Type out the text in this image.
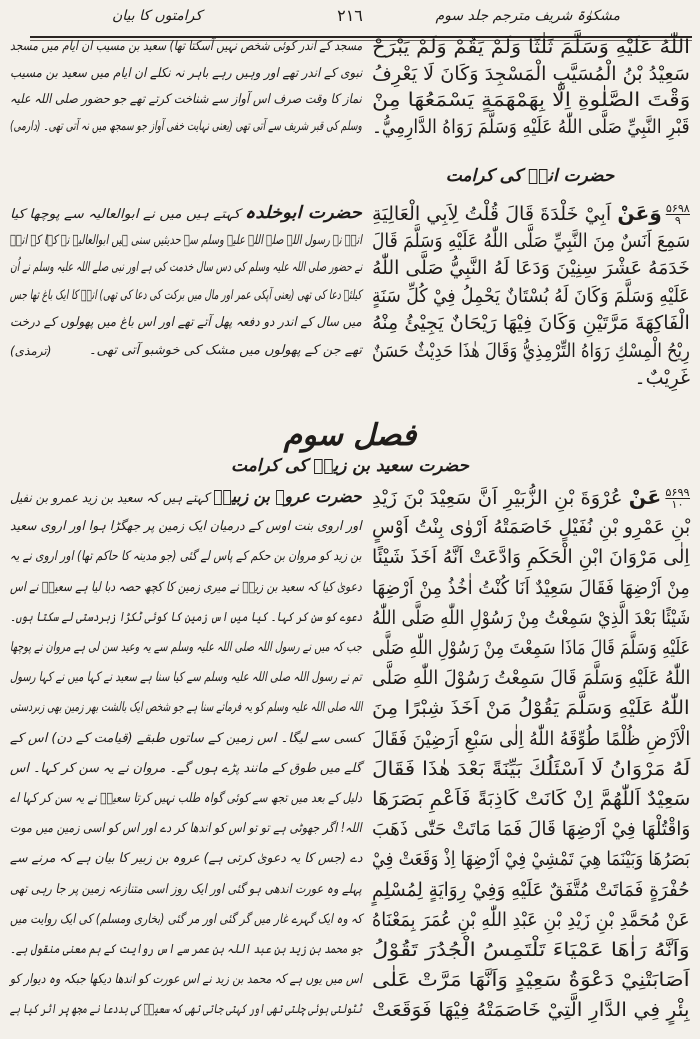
مشکوٰۃ شریف مترجم جلد سوم
٢١٦
کرامتوں کا بیان
اللّٰهُ عَلَيْهِ وَسَلَّمَ ثَلٰثًا وَلَمْ يَقُمْ وَلَمْ يَبْرَحْ
سَعِيْدُ بْنُ الْمُسَيَّبِ الْمَسْجِدَ وَكَانَ لَا يَعْرِفُ
وَقْتَ الصَّلٰوةِ اِلَّا بِهَمْهَمَةٍ يَسْمَعُهَا مِنْ
قَبْرِ النَّبِيِّ صَلَّى اللّٰهُ عَلَيْهِ وَسَلَّمَ رَوَاهُ الدَّارِمِيُّ۔
مسجد کے اندر کوئی شخص نہیں آسکتا تھا) سعید بن مسیب ان ایام میں مسجد
نبوی کے اندر تھے اور وہیں رہے باہر نہ نکلے ان ایام میں سعید بن مسیب
نماز کا وقت صرف اس آواز سے شناخت کرتے تھے جو حضور صلی اللہ علیہ
وسلم کی قبر شریف سے آتی تھی (یعنی نہایت خفی آواز جو سمجھ میں نہ آتی تھی۔ (دارمی)
۵۶۹۸
۹
وَعَنْ اَبِيْ خَلْدَةَ قَالَ قُلْتُ لِاَبِي الْعَالِيَةِ
سَمِعَ اَنَسٌ مِنَ النَّبِيِّ صَلَّى اللّٰهُ عَلَيْهِ وَسَلَّمَ قَالَ
خَدَمَهُ عَشْرَ سِنِيْنَ وَدَعَا لَهُ النَّبِيُّ صَلَّى اللّٰهُ
عَلَيْهِ وَسَلَّمَ وَكَانَ لَهُ بُسْتَانٌ يَحْمِلُ فِيْ كُلِّ سَنَةٍ
الْفَاكِهَةَ مَرَّتَيْنِ وَكَانَ فِيْهَا رَيْحَانٌ يَجِيْئُ مِنْهُ
رِيْحُ الْمِسْكِ رَوَاهُ التِّرْمِذِيُّ وَقَالَ هٰذَا حَدِيْثٌ حَسَنٌ
غَرِيْبٌ۔
حضرت ابوخلدہ کہتے ہیں میں نے ابوالعالیہ سے پوچھا کیا
انسؓ نے رسول اللہ صلے اللہ علیہ وسلم سے حدیثیں سنی ہیں ابوالعالیہ نے کہا کہ انسؓ
نے حضور صلی اللہ علیہ وسلم کی دس سال خدمت کی ہے اور نبی صلے اللہ علیہ وسلم نے اُن
کیلئے دعا کی تھی (یعنی آپکی عمر اور مال میں برکت کی دعا کی تھی) انسؓ کا ایک باغ تھا جس
میں سال کے اندر دو دفعہ پھل آتے تھے اور اس باغ میں پھولوں کے درخت
تھے جن کے پھولوں میں مشک کی خوشبو آتی تھی۔
(ترمذی)
۵۶۹۹
۱۰
عَنْ عُرْوَةَ بْنِ الزُّبَيْرِ اَنَّ سَعِيْدَ بْنَ زَيْدِ
بْنِ عَمْرِو بْنِ نُفَيْلٍ خَاصَمَتْهُ اَرْوٰى بِنْتُ اَوْسٍ
اِلٰى مَرْوَانَ ابْنِ الْحَكَمِ وَادَّعَتْ اَنَّهُ اَخَذَ شَيْئًا
مِنْ اَرْضِهَا فَقَالَ سَعِيْدٌ اَنَا كُنْتُ اٰخُذُ مِنْ اَرْضِهَا
شَيْئًا بَعْدَ الَّذِيْ سَمِعْتُ مِنْ رَسُوْلِ اللّٰهِ صَلَّى اللّٰهُ
عَلَيْهِ وَسَلَّمَ قَالَ مَاذَا سَمِعْتَ مِنْ رَسُوْلِ اللّٰهِ صَلَّى
اللّٰهُ عَلَيْهِ وَسَلَّمَ قَالَ سَمِعْتُ رَسُوْلَ اللّٰهِ صَلَّى
اللّٰهُ عَلَيْهِ وَسَلَّمَ يَقُوْلُ مَنْ اَخَذَ شِبْرًا مِنَ
الْاَرْضِ ظُلْمًا طُوِّقَهُ اللّٰهُ اِلٰى سَبْعِ اَرَضِيْنَ فَقَالَ
لَهُ مَرْوَانُ لَا اَسْئَلُكَ بَيِّنَةً بَعْدَ هٰذَا فَقَالَ
سَعِيْدٌ اَللّٰهُمَّ اِنْ كَانَتْ كَاذِبَةً فَاَعْمِ بَصَرَهَا
وَاقْتُلْهَا فِيْ اَرْضِهَا قَالَ فَمَا مَاتَتْ حَتّٰى ذَهَبَ
بَصَرُهَا وَبَيْنَمَا هِيَ تَمْشِيْ فِيْ اَرْضِهَا اِذْ وَقَعَتْ فِيْ
حُفْرَةٍ فَمَاتَتْ مُتَّفَقٌ عَلَيْهِ وَفِيْ رِوَايَةٍ لِمُسْلِمٍ
عَنْ مُحَمَّدِ بْنِ زَيْدِ بْنِ عَبْدِ اللّٰهِ بْنِ عُمَرَ بِمَعْنَاهُ
وَاَنَّهُ رَاٰهَا عَمْيَاءَ تَلْتَمِسُ الْجُدُرَ تَقُوْلُ
اَصَابَتْنِيْ دَعْوَةُ سَعِيْدٍ وَاَنَّهَا مَرَّتْ عَلٰى
بِئْرٍ فِي الدَّارِ الَّتِيْ خَاصَمَتْهُ فِيْهَا فَوَقَعَتْ
حضرت عروہ بن زبیرؓ کہتے ہیں کہ سعید بن زید عمرو بن نفیل
اور اروی بنت اوس کے درمیان ایک زمین پر جھگڑا ہوا اور اروی سعید
بن زید کو مروان بن حکم کے پاس لے گئی (جو مدینہ کا حاکم تھا) اور اروی نے یہ
دعویٰ کیا کہ سعید بن زیدؓ نے میری زمین کا کچھ حصہ دبا لیا ہے سعیدؓ نے اس
دعوے کو سن کر کہا۔ کیا میں اس زمین کا کوئی ٹکڑا زبردستی لے سکتا ہوں۔
جب کہ میں نے رسول اللہ صلی اللہ علیہ وسلم سے یہ وعید سن لی ہے مروان نے پوچھا
تم نے رسول اللہ صلی اللہ علیہ وسلم سے کیا سنا ہے سعید نے کہا میں نے کہا رسول
اللہ صلی اللہ علیہ وسلم کو یہ فرماتے سنا ہے جو شخص ایک بالشت بھر زمین بھی زبردستی
کسی سے لیگا۔ اس زمین کے ساتوں طبقے (قیامت کے دن) اس کے
گلے میں طوق کے مانند پڑے ہوں گے۔ مروان نے یہ سن کر کہا۔ اس
دلیل کے بعد میں تجھ سے کوئی گواہ طلب نہیں کرتا سعیدؓ نے یہ سن کر کہا اے
اللہ! اگر جھوٹی ہے تو تو اس کو اندھا کر دے اور اس کو اسی زمین میں موت
دے (جس کا یہ دعویٰ کرتی ہے) عروہ بن زبیر کا بیان ہے کہ مرنے سے
پہلے وہ عورت اندھی ہو گئی اور ایک روز اسی متنازعہ زمین پر جا رہی تھی
کہ وہ ایک گہرے غار میں گر گئی اور مر گئی (بخاری ومسلم) کی ایک روایت میں
جو محمد بن زید بن عبد اللہ بن عمر سے اس روایت کے ہم معنی منقول ہے۔
اس میں یوں ہے کہ محمد بن زید نے اس عورت کو اندھا دیکھا جبکہ وہ دیوار کو
ٹٹولتی ہوئی چلتی تھی اور کہتی جاتی تھی کہ سعیدؓ کی بددعا نے مجھ پر اثر کیا ہے
حضرت انسؓ کی کرامت
فصل سوم
حضرت سعید بن زیدؓ کی کرامت
